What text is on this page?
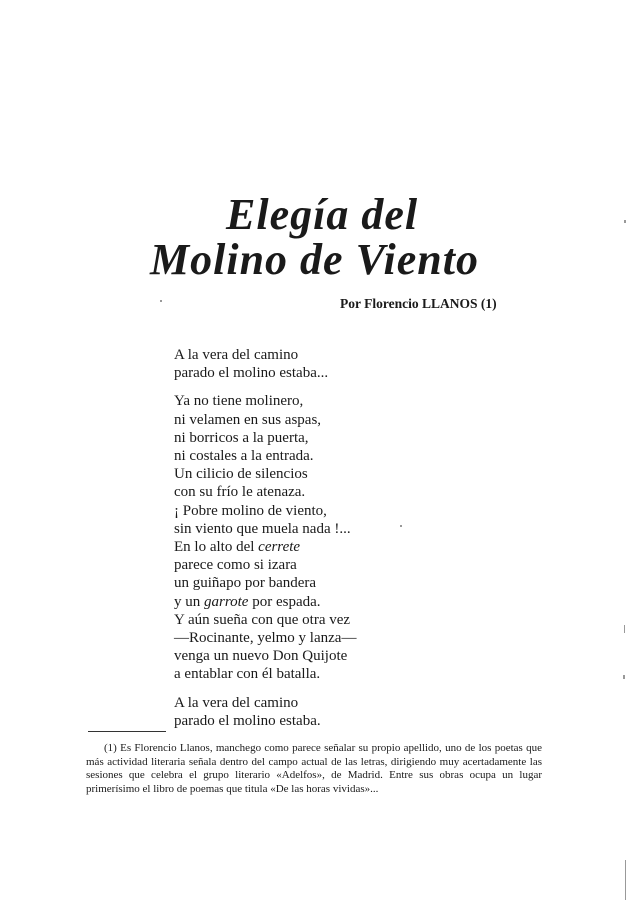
Elegía del
Molino de Viento
Por Florencio LLANOS (1)
A la vera del camino
parado el molino estaba...
Ya no tiene molinero,
ni velamen en sus aspas,
ni borricos a la puerta,
ni costales a la entrada.
Un cilicio de silencios
con su frío le atenaza.
¡ Pobre molino de viento,
sin viento que muela nada !...
En lo alto del cerrete
parece como si izara
un guiñapo por bandera
y un garrote por espada.
Y aún sueña con que otra vez
—Rocinante, yelmo y lanza—
venga un nuevo Don Quijote
a entablar con él batalla.
A la vera del camino
parado el molino estaba.
(1) Es Florencio Llanos, manchego como parece señalar su propio apellido, uno de los poetas que más actividad literaria señala dentro del campo actual de las letras, dirigiendo muy acertadamente las sesiones que celebra el grupo literario «Adelfos», de Madrid. Entre sus obras ocupa un lugar primerísimo el libro de poemas que titula «De las horas vividas»...
